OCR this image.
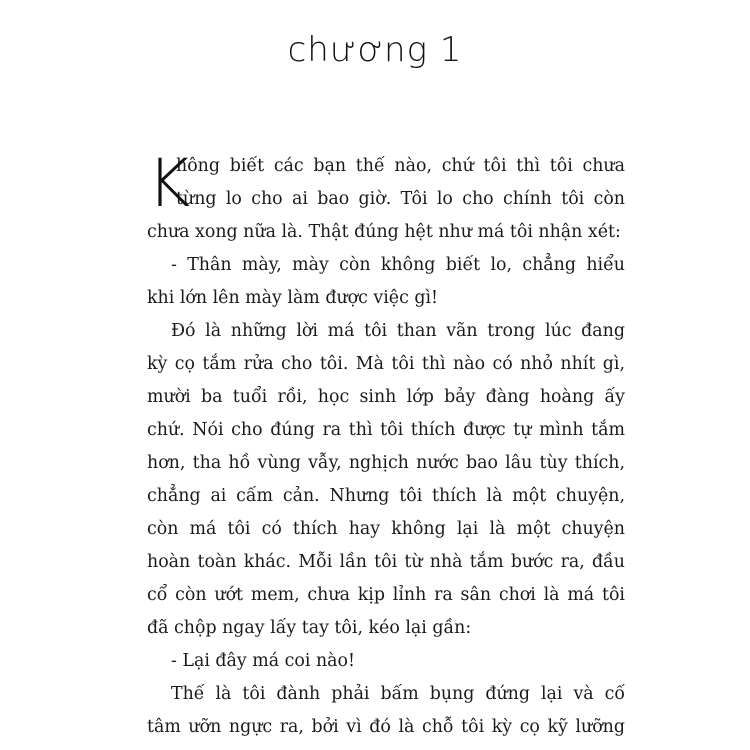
chương 1
K
hông biết các bạn thế nào, chứ tôi thì tôi chưa
từng lo cho ai bao giờ. Tôi lo cho chính tôi còn
chưa xong nữa là. Thật đúng hệt như má tôi nhận xét:
- Thân mày, mày còn không biết lo, chẳng hiểu
khi lớn lên mày làm được việc gì!
Đó là những lời má tôi than vãn trong lúc đang
kỳ cọ tắm rửa cho tôi. Mà tôi thì nào có nhỏ nhít gì,
mười ba tuổi rồi, học sinh lớp bảy đàng hoàng ấy
chứ. Nói cho đúng ra thì tôi thích được tự mình tắm
hơn, tha hồ vùng vẫy, nghịch nước bao lâu tùy thích,
chẳng ai cấm cản. Nhưng tôi thích là một chuyện,
còn má tôi có thích hay không lại là một chuyện
hoàn toàn khác. Mỗi lần tôi từ nhà tắm bước ra, đầu
cổ còn ướt mem, chưa kịp lỉnh ra sân chơi là má tôi
đã chộp ngay lấy tay tôi, kéo lại gần:
- Lại đây má coi nào!
Thế là tôi đành phải bấm bụng đứng lại và cố
tâm ưỡn ngực ra, bởi vì đó là chỗ tôi kỳ cọ kỹ lưỡng
